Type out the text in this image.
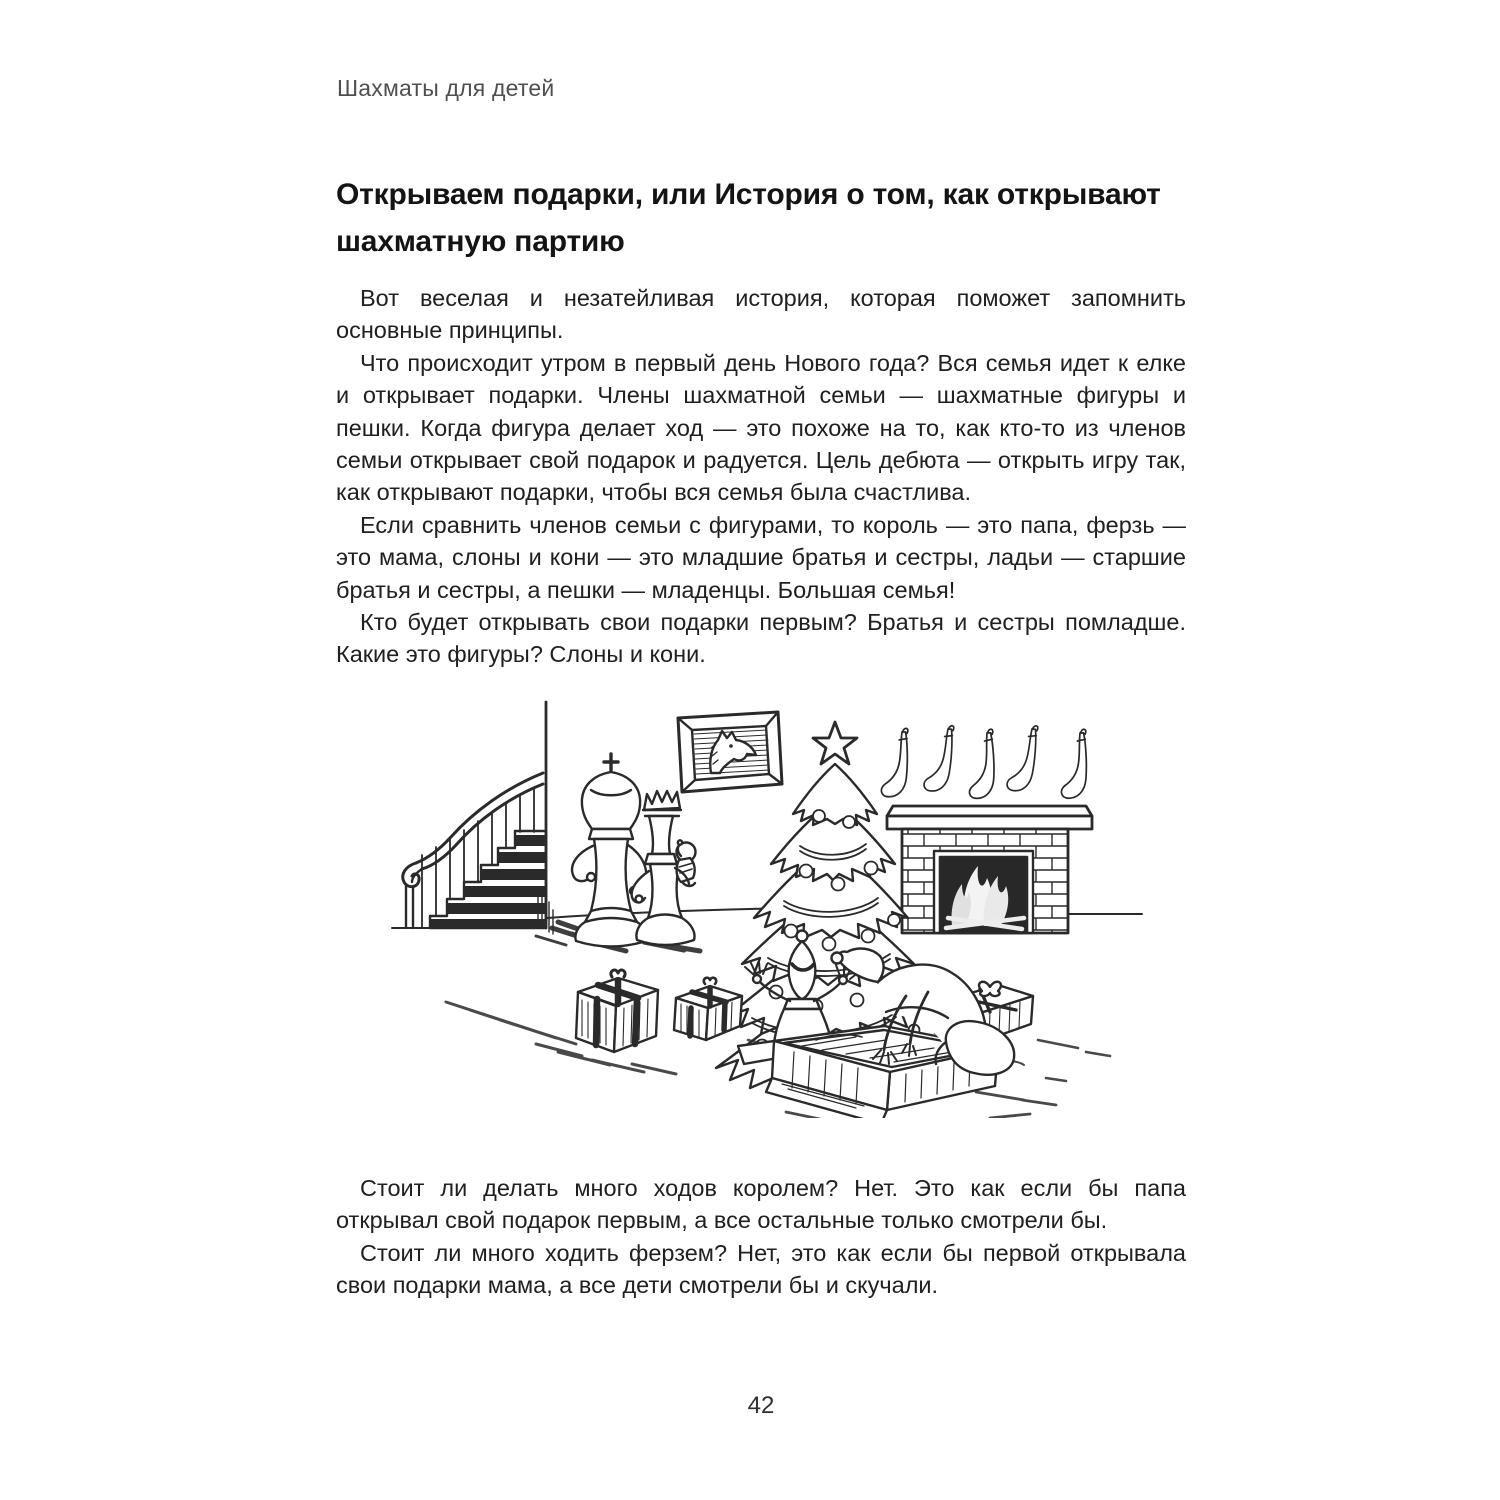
Шахматы для детей
Открываем подарки, или История о том, как открывают шахматную партию

Вот веселая и незатейливая история, которая поможет запомнить основные принципы.

Что происходит утром в первый день Нового года? Вся семья идет к елке и открывает подарки. Члены шахматной семьи — шахматные фигуры и пешки. Когда фигура делает ход — это похоже на то, как кто-то из членов семьи открывает свой подарок и радуется. Цель дебюта — открыть игру так, как открывают подарки, чтобы вся семья была счастлива.

Если сравнить членов семьи с фигурами, то король — это папа, ферзь — это мама, слоны и кони — это младшие братья и сестры, ладьи — старшие братья и сестры, а пешки — младенцы. Большая семья!

Кто будет открывать свои подарки первым? Братья и сестры помладше. Какие это фигуры? Слоны и кони.

Стоит ли делать много ходов королем? Нет. Это как если бы папа открывал свой подарок первым, а все остальные только смотрели бы.

Стоит ли много ходить ферзем? Нет, это как если бы первой открывала свои подарки мама, а все дети смотрели бы и скучали.

42
